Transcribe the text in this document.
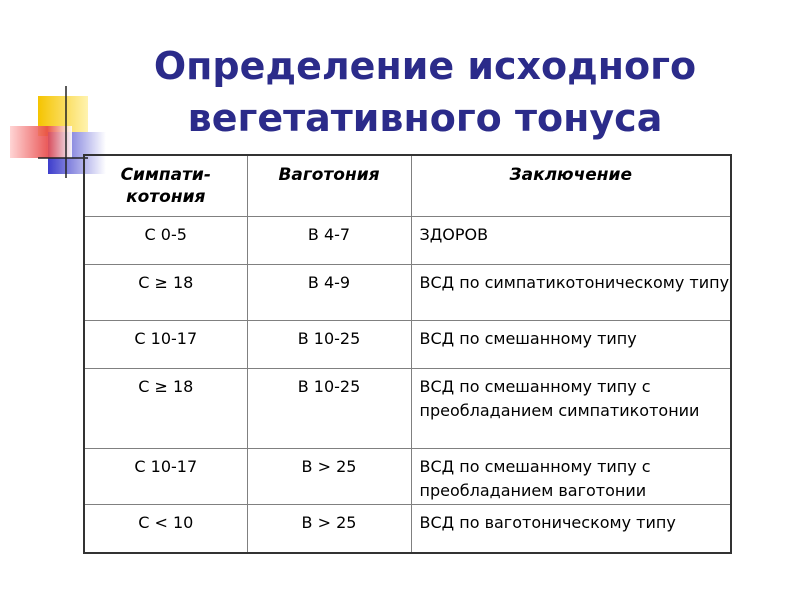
Определение исходного
вегетативного тонуса
Симпати-котония	Ваготония	Заключение
С 0-5	В 4-7	ЗДОРОВ
С ≥ 18	В 4-9	ВСД по симпатикотоническому типу
С 10-17	В 10-25	ВСД по смешанному типу
С ≥ 18	В 10-25	ВСД по смешанному типу с преобладанием симпатикотонии
С 10-17	В > 25	ВСД по смешанному типу с преобладанием ваготонии
С < 10	В > 25	ВСД по ваготоническому типу
